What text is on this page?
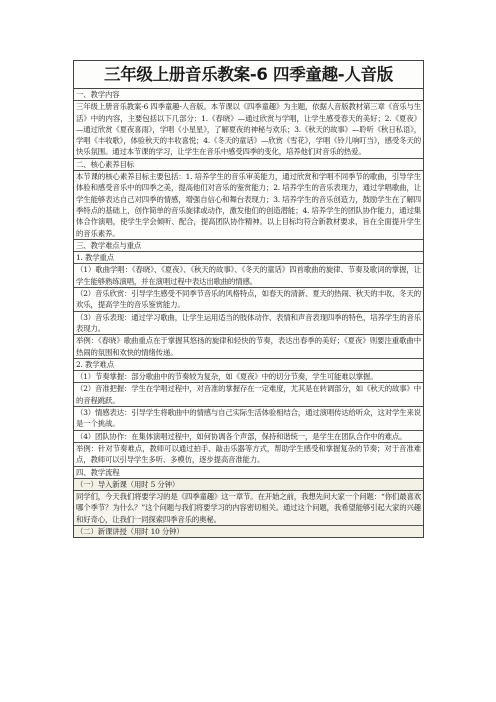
三年级上册音乐教案-6 四季童趣-人音版

一、教学内容

三年级上册音乐教案-6 四季童趣-人音版。本节课以《四季童趣》为主题，依据人音版教材第三章《音乐与生活》中的内容，主要包括以下几部分：1.《春晓》—通过欣赏与学唱，让学生感受春天的美好；2.《夏夜》—通过欣赏《夏夜喜雨》，学唱《小星星》，了解夏夜的神秘与欢乐；3.《秋天的故事》—聆听《秋日私语》，学唱《丰收歌》，体验秋天的丰收喜悦；4.《冬天的童话》—欣赏《雪花》，学唱《铃儿响叮当》，感受冬天的快乐氛围。通过本节课的学习，让学生在音乐中感受四季的变化，培养他们对音乐的热爱。

二、核心素养目标

本节课的核心素养目标主要包括：1. 培养学生的音乐审美能力，通过欣赏和学唱不同季节的歌曲，引导学生体验和感受音乐中的四季之美，提高他们对音乐的鉴赏能力；2. 培养学生的音乐表现力，通过学唱歌曲，让学生能够表达自己对四季的情感，增强自信心和舞台表现力；3. 培养学生的音乐创造力，鼓励学生在了解四季特点的基础上，创作简单的音乐旋律或动作，激发他们的创造潜能；4. 培养学生的团队协作能力，通过集体合作演唱，使学生学会倾听、配合，提高团队协作精神。以上目标均符合新教材要求，旨在全面提升学生的音乐素养。

三、教学难点与重点

1. 教学重点

（1）歌曲学唱：《春晓》、《夏夜》、《秋天的故事》、《冬天的童话》四首歌曲的旋律、节奏及歌词的掌握，让学生能够熟练演唱，并在演唱过程中表达出歌曲的情感。

（2）音乐欣赏：引导学生感受不同季节音乐的风格特点，如春天的清新、夏天的热闹、秋天的丰收、冬天的欢乐，提高学生的音乐鉴赏能力。

（3）音乐表现：通过学习歌曲，让学生运用适当的肢体动作、表情和声音表现四季的特色，培养学生的音乐表现力。

举例：《春晓》歌曲重点在于掌握其悠扬的旋律和轻快的节奏，表达出春季的美好；《夏夜》则要注重歌曲中热闹的氛围和欢快的情绪传递。

2. 教学难点

（1）节奏掌握：部分歌曲中的节奏较为复杂，如《夏夜》中的切分节奏，学生可能难以掌握。

（2）音准把握：学生在学唱过程中，对音准的掌握存在一定难度，尤其是在转调部分，如《秋天的故事》中的音程跳跃。

（3）情感表达：引导学生将歌曲中的情感与自己实际生活体验相结合，通过演唱传达给听众，这对学生来说是一个挑战。

（4）团队协作：在集体演唱过程中，如何协调各个声部，保持和谐统一，是学生在团队合作中的难点。

举例：针对节奏难点，教师可以通过拍手、敲击乐器等方式，帮助学生感受和掌握复杂的节奏；对于音准难点，教师可以引导学生多听、多模仿，逐步提高音准能力。

四、教学流程

（一）导入新课（用时 5 分钟）

同学们，今天我们将要学习的是《四季童趣》这一章节。在开始之前，我想先问大家一个问题：“你们最喜欢哪个季节？为什么？”这个问题与我们将要学习的内容密切相关。通过这个问题，我希望能够引起大家的兴趣和好奇心，让我们一同探索四季音乐的奥秘。

（二）新课讲授（用时 10 分钟）
